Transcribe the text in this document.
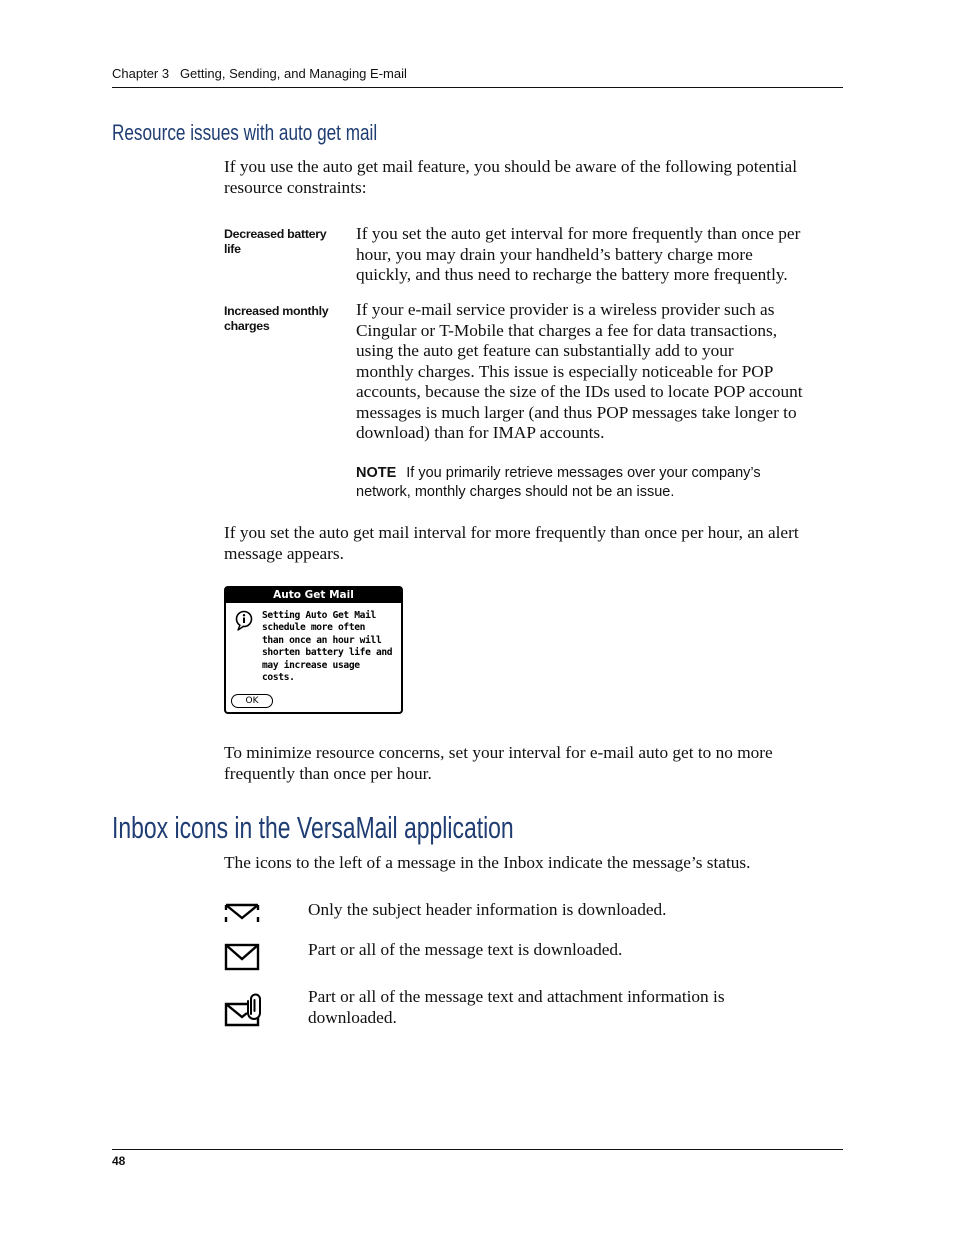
Chapter 3 Getting, Sending, and Managing E-mail
Resource issues with auto get mail

If you use the auto get mail feature, you should be aware of the following potential
resource constraints:

Decreased battery
life

If you set the auto get interval for more frequently than once per
hour, you may drain your handheld’s battery charge more
quickly, and thus need to recharge the battery more frequently.

Increased monthly
charges

If your e-mail service provider is a wireless provider such as
Cingular or T-Mobile that charges a fee for data transactions,
using the auto get feature can substantially add to your
monthly charges. This issue is especially noticeable for POP
accounts, because the size of the IDs used to locate POP account
messages is much larger (and thus POP messages take longer to
download) than for IMAP accounts.

NOTE If you primarily retrieve messages over your company’s
network, monthly charges should not be an issue.

If you set the auto get mail interval for more frequently than once per hour, an alert
message appears.

Auto Get Mail
Setting Auto Get Mail
schedule more often
than once an hour will
shorten battery life and
may increase usage
costs.
OK

To minimize resource concerns, set your interval for e-mail auto get to no more
frequently than once per hour.

Inbox icons in the VersaMail application

The icons to the left of a message in the Inbox indicate the message’s status.

Only the subject header information is downloaded.

Part or all of the message text is downloaded.

Part or all of the message text and attachment information is
downloaded.

48
